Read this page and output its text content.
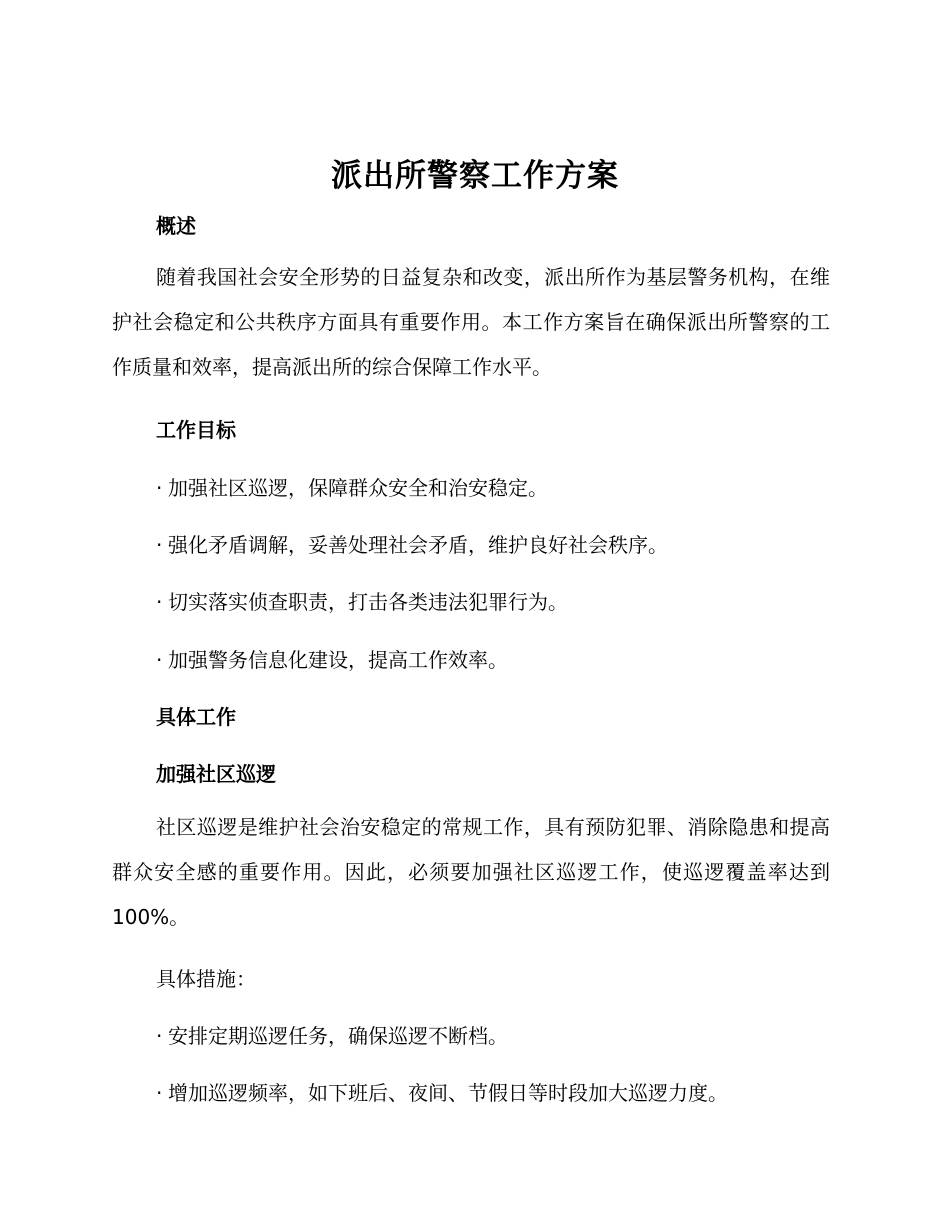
派出所警察工作方案
概述

随着我国社会安全形势的日益复杂和改变，派出所作为基层警务机构，在维护社会稳定和公共秩序方面具有重要作用。本工作方案旨在确保派出所警察的工作质量和效率，提高派出所的综合保障工作水平。

工作目标

· 加强社区巡逻，保障群众安全和治安稳定。

· 强化矛盾调解，妥善处理社会矛盾，维护良好社会秩序。

· 切实落实侦查职责，打击各类违法犯罪行为。

· 加强警务信息化建设，提高工作效率。

具体工作
加强社区巡逻

社区巡逻是维护社会治安稳定的常规工作，具有预防犯罪、消除隐患和提高群众安全感的重要作用。因此，必须要加强社区巡逻工作，使巡逻覆盖率达到100%。

具体措施：

· 安排定期巡逻任务，确保巡逻不断档。

· 增加巡逻频率，如下班后、夜间、节假日等时段加大巡逻力度。
